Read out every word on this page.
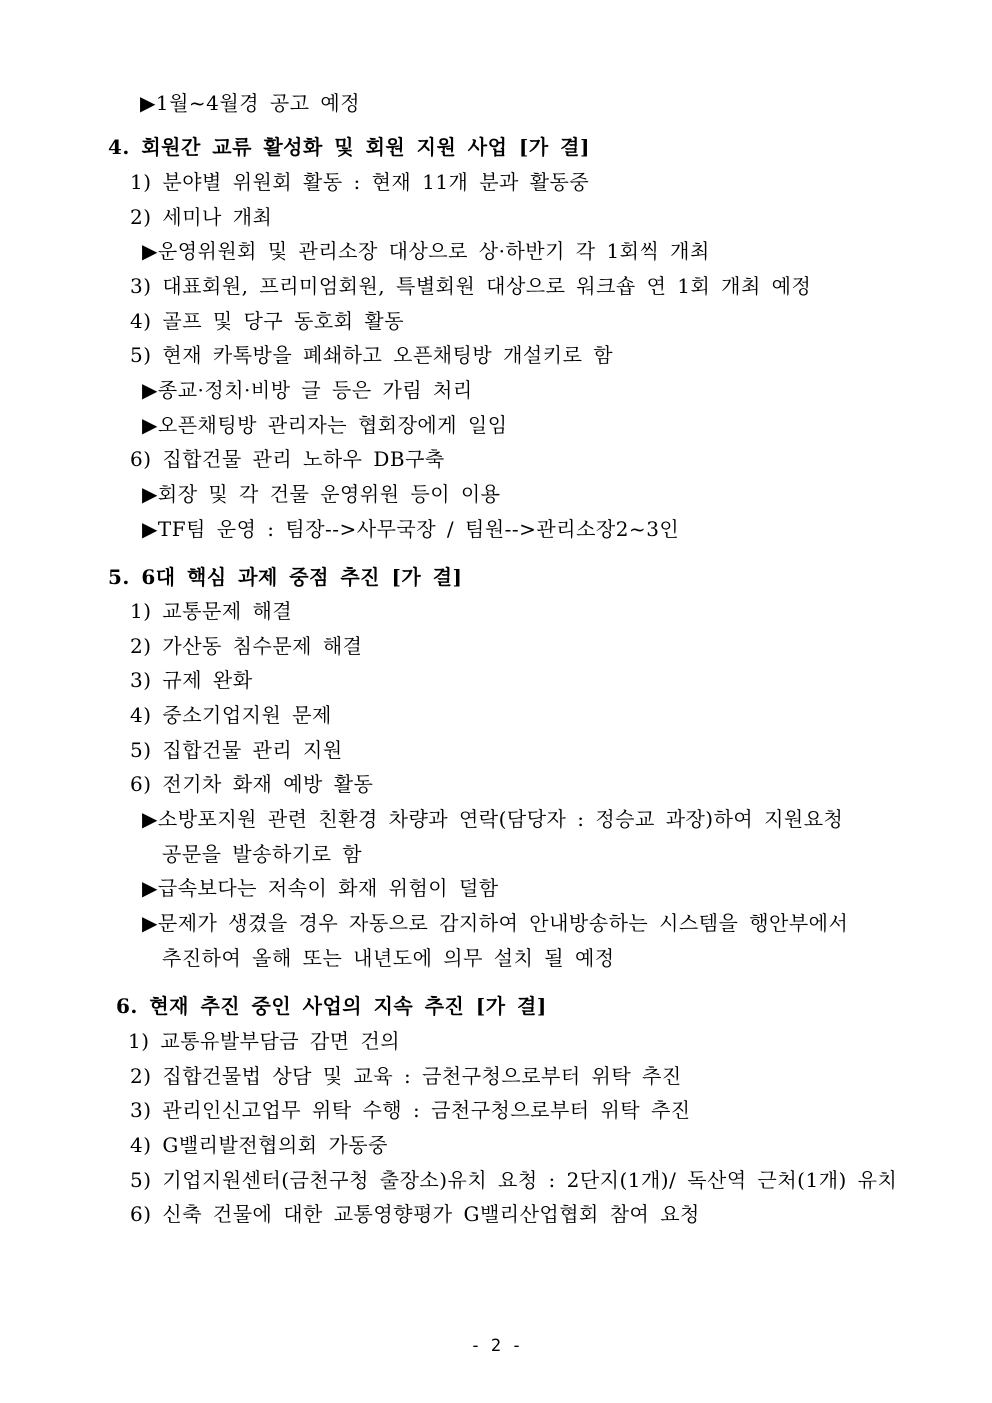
▶1월~4월경 공고 예정
4. 회원간 교류 활성화 및 회원 지원 사업 [가 결]
1) 분야별 위원회 활동 : 현재 11개 분과 활동중
2) 세미나 개최
▶운영위원회 및 관리소장 대상으로 상·하반기 각 1회씩 개최
3) 대표회원, 프리미엄회원, 특별회원 대상으로 워크숍 연 1회 개최 예정
4) 골프 및 당구 동호회 활동
5) 현재 카톡방을 폐쇄하고 오픈채팅방 개설키로 함
▶종교·정치·비방 글 등은 가림 처리
▶오픈채팅방 관리자는 협회장에게 일임
6) 집합건물 관리 노하우 DB구축
▶회장 및 각 건물 운영위원 등이 이용
▶TF팀 운영 : 팀장-->사무국장 / 팀원-->관리소장2~3인
5. 6대 핵심 과제 중점 추진 [가 결]
1) 교통문제 해결
2) 가산동 침수문제 해결
3) 규제 완화
4) 중소기업지원 문제
5) 집합건물 관리 지원
6) 전기차 화재 예방 활동
▶소방포지원 관련 친환경 차량과 연락(담당자 : 정승교 과장)하여 지원요청
공문을 발송하기로 함
▶급속보다는 저속이 화재 위험이 덜함
▶문제가 생겼을 경우 자동으로 감지하여 안내방송하는 시스템을 행안부에서
추진하여 올해 또는 내년도에 의무 설치 될 예정
6. 현재 추진 중인 사업의 지속 추진 [가 결]
1) 교통유발부담금 감면 건의
2) 집합건물법 상담 및 교육 : 금천구청으로부터 위탁 추진
3) 관리인신고업무 위탁 수행 : 금천구청으로부터 위탁 추진
4) G밸리발전협의회 가동중
5) 기업지원센터(금천구청 출장소)유치 요청 : 2단지(1개)/ 독산역 근처(1개) 유치
6) 신축 건물에 대한 교통영향평가 G밸리산업협회 참여 요청
- 2 -
